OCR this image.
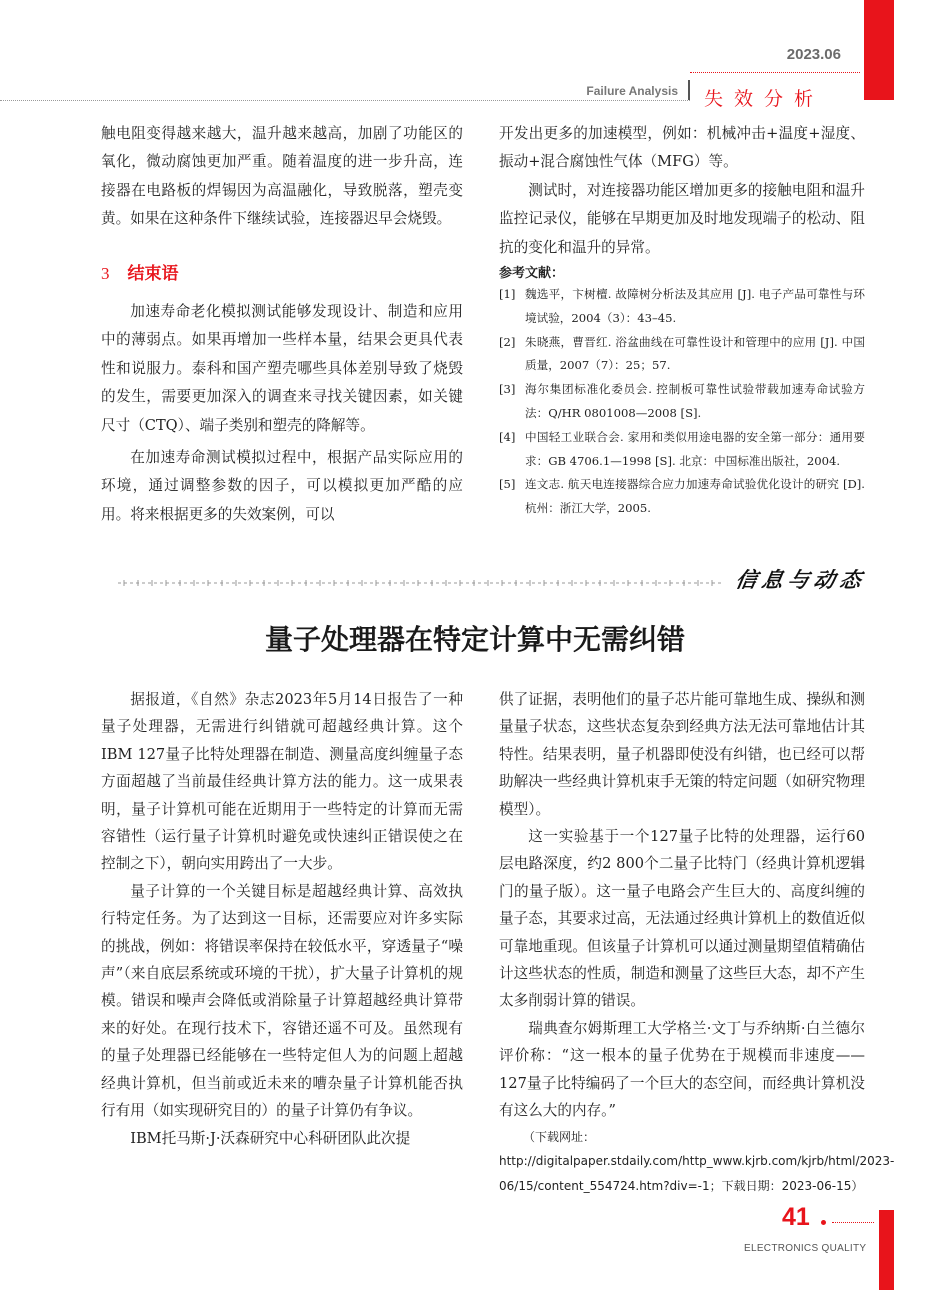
2023.06
Failure Analysis 失效分析

触电阻变得越来越大，温升越来越高，加剧了功能区的氧化，微动腐蚀更加严重。随着温度的进一步升高，连接器在电路板的焊锡因为高温融化，导致脱落，塑壳变黄。如果在这种条件下继续试验，连接器迟早会烧毁。

3 结束语

加速寿命老化模拟测试能够发现设计、制造和应用中的薄弱点。如果再增加一些样本量，结果会更具代表性和说服力。泰科和国产塑壳哪些具体差别导致了烧毁的发生，需要更加深入的调查来寻找关键因素，如关键尺寸（CTQ）、端子类别和塑壳的降解等。

在加速寿命测试模拟过程中，根据产品实际应用的环境，通过调整参数的因子，可以模拟更加严酷的应用。将来根据更多的失效案例，可以

开发出更多的加速模型，例如：机械冲击+温度+湿度、振动+混合腐蚀性气体（MFG）等。

测试时，对连接器功能区增加更多的接触电阻和温升监控记录仪，能够在早期更加及时地发现端子的松动、阻抗的变化和温升的异常。

参考文献：
[1] 魏选平，卞树檀. 故障树分析法及其应用 [J]. 电子产品可靠性与环境试验，2004（3）：43–45.
[2] 朱晓燕，曹晋红. 浴盆曲线在可靠性设计和管理中的应用 [J]. 中国质量，2007（7）：25；57.
[3] 海尔集团标准化委员会. 控制板可靠性试验带载加速寿命试验方法：Q/HR 0801008—2008 [S].
[4] 中国轻工业联合会. 家用和类似用途电器的安全第一部分：通用要求：GB 4706.1—1998 [S]. 北京：中国标准出版社，2004.
[5] 连文志. 航天电连接器综合应力加速寿命试验优化设计的研究 [D]. 杭州：浙江大学，2005.
信息与动态
量子处理器在特定计算中无需纠错

据报道，《自然》杂志2023年5月14日报告了一种量子处理器，无需进行纠错就可超越经典计算。这个IBM 127量子比特处理器在制造、测量高度纠缠量子态方面超越了当前最佳经典计算方法的能力。这一成果表明，量子计算机可能在近期用于一些特定的计算而无需容错性（运行量子计算机时避免或快速纠正错误使之在控制之下），朝向实用跨出了一大步。

量子计算的一个关键目标是超越经典计算、高效执行特定任务。为了达到这一目标，还需要应对许多实际的挑战，例如：将错误率保持在较低水平，穿透量子“噪声”（来自底层系统或环境的干扰），扩大量子计算机的规模。错误和噪声会降低或消除量子计算超越经典计算带来的好处。在现行技术下，容错还遥不可及。虽然现有的量子处理器已经能够在一些特定但人为的问题上超越经典计算机，但当前或近未来的嘈杂量子计算机能否执行有用（如实现研究目的）的量子计算仍有争议。

IBM托马斯·J·沃森研究中心科研团队此次提

供了证据，表明他们的量子芯片能可靠地生成、操纵和测量量子状态，这些状态复杂到经典方法无法可靠地估计其特性。结果表明，量子机器即使没有纠错，也已经可以帮助解决一些经典计算机束手无策的特定问题（如研究物理模型）。

这一实验基于一个127量子比特的处理器，运行60层电路深度，约2 800个二量子比特门（经典计算机逻辑门的量子版）。这一量子电路会产生巨大的、高度纠缠的量子态，其要求过高，无法通过经典计算机上的数值近似可靠地重现。但该量子计算机可以通过测量期望值精确估计这些状态的性质，制造和测量了这些巨大态，却不产生太多削弱计算的错误。

瑞典查尔姆斯理工大学格兰·文丁与乔纳斯·白兰德尔评价称：“这一根本的量子优势在于规模而非速度——127量子比特编码了一个巨大的态空间，而经典计算机没有这么大的内存。”

（下载网址：http://digitalpaper.stdaily.com/http_www.kjrb.com/kjrb/html/2023-06/15/content_554724.htm?div=-1；下载日期：2023-06-15）

41
ELECTRONICS QUALITY
